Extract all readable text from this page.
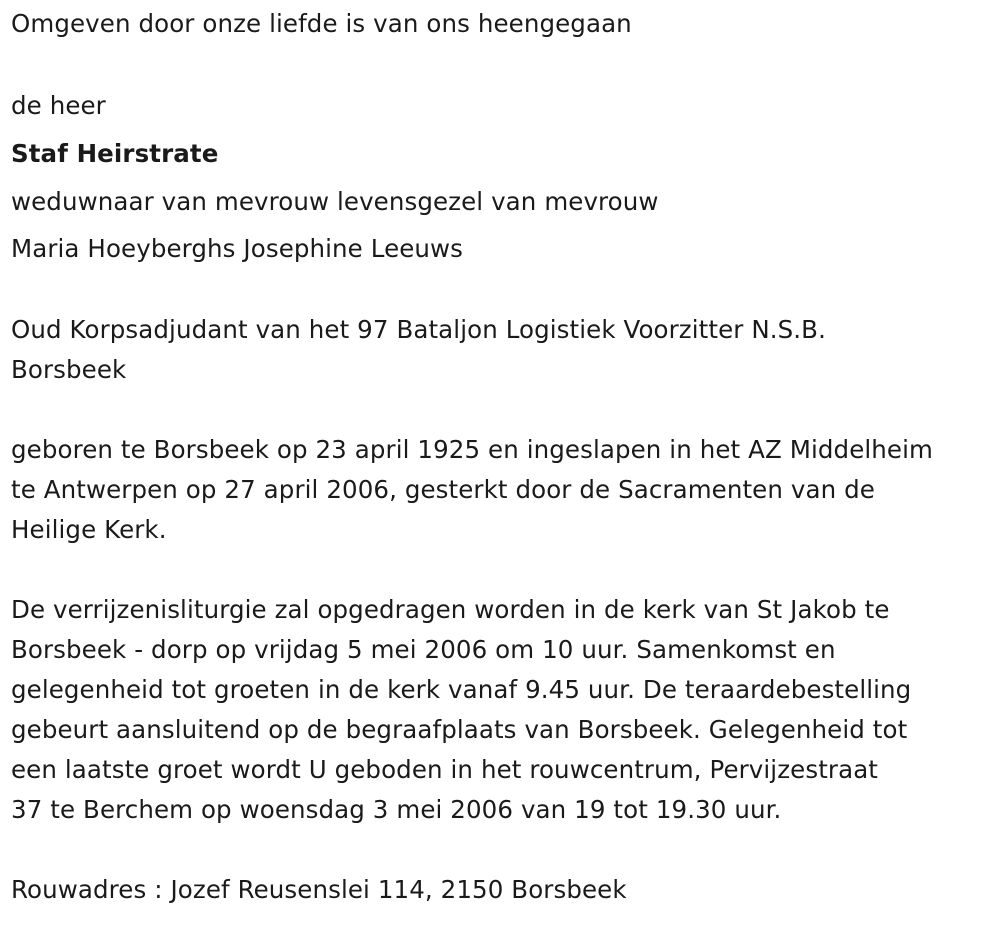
Omgeven door onze liefde is van ons heengegaan
de heer
Staf Heirstrate
weduwnaar van mevrouw levensgezel van mevrouw
Maria Hoeyberghs Josephine Leeuws
Oud Korpsadjudant van het 97 Bataljon Logistiek Voorzitter N.S.B.
Borsbeek
geboren te Borsbeek op 23 april 1925 en ingeslapen in het AZ Middelheim
te Antwerpen op 27 april 2006, gesterkt door de Sacramenten van de
Heilige Kerk.
De verrijzenisliturgie zal opgedragen worden in de kerk van St Jakob te
Borsbeek - dorp op vrijdag 5 mei 2006 om 10 uur. Samenkomst en
gelegenheid tot groeten in de kerk vanaf 9.45 uur. De teraardebestelling
gebeurt aansluitend op de begraafplaats van Borsbeek. Gelegenheid tot
een laatste groet wordt U geboden in het rouwcentrum, Pervijzestraat
37 te Berchem op woensdag 3 mei 2006 van 19 tot 19.30 uur.
Rouwadres : Jozef Reusenslei 114, 2150 Borsbeek
